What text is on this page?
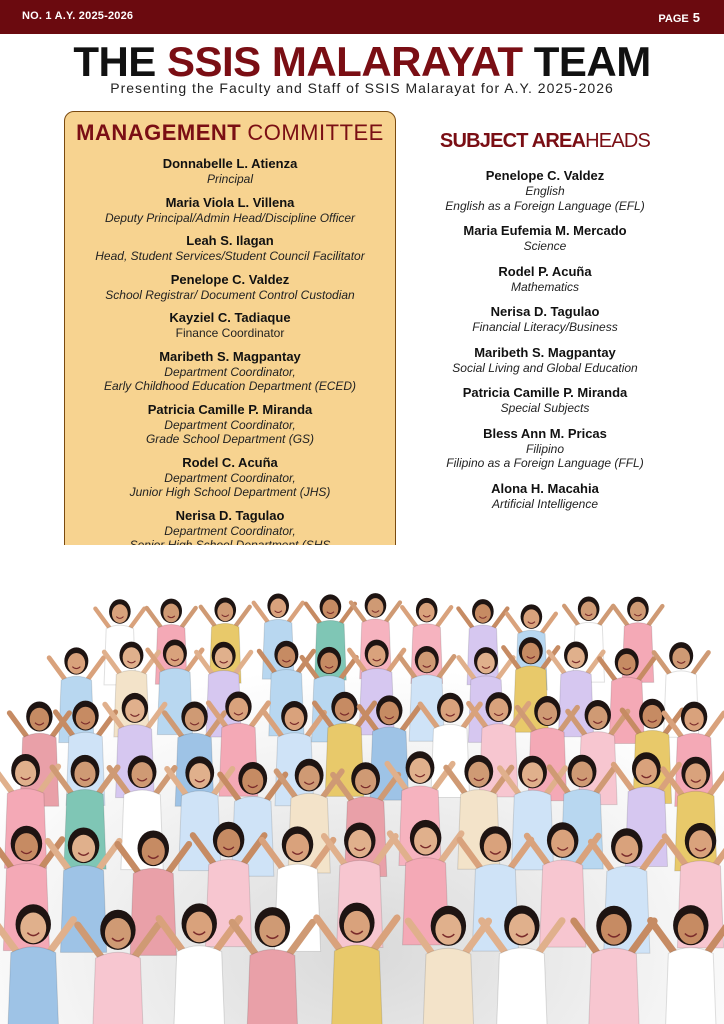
NO. 1 A.Y. 2025-2026	PAGE 5
THE SSIS MALARAYAT TEAM
Presenting the Faculty and Staff of SSIS Malarayat for A.Y. 2025-2026
MANAGEMENT COMMITTEE
Donnabelle L. Atienza
Principal
Maria Viola L. Villena
Deputy Principal/Admin Head/Discipline Officer
Leah S. Ilagan
Head, Student Services/Student Council Facilitator
Penelope C. Valdez
School Registrar/ Document Control Custodian
Kayziel C. Tadiaque
Finance Coordinator
Maribeth S. Magpantay
Department Coordinator,
Early Childhood Education Department (ECED)
Patricia Camille P. Miranda
Department Coordinator,
Grade School Department (GS)
Rodel C. Acuña
Department Coordinator,
Junior High School Department (JHS)
Nerisa D. Tagulao
Department Coordinator,
SUBJECT AREAHEADS
Penelope C. Valdez
English
English as a Foreign Language (EFL)
Maria Eufemia M. Mercado
Science
Rodel P. Acuña
Mathematics
Nerisa D. Tagulao
Financial Literacy/Business
Maribeth S. Magpantay
Social Living and Global Education
Patricia Camille P. Miranda
Special Subjects
Bless Ann M. Pricas
Filipino
Filipino as a Foreign Language (FFL)
Alona H. Macahia
Artificial Intelligence
